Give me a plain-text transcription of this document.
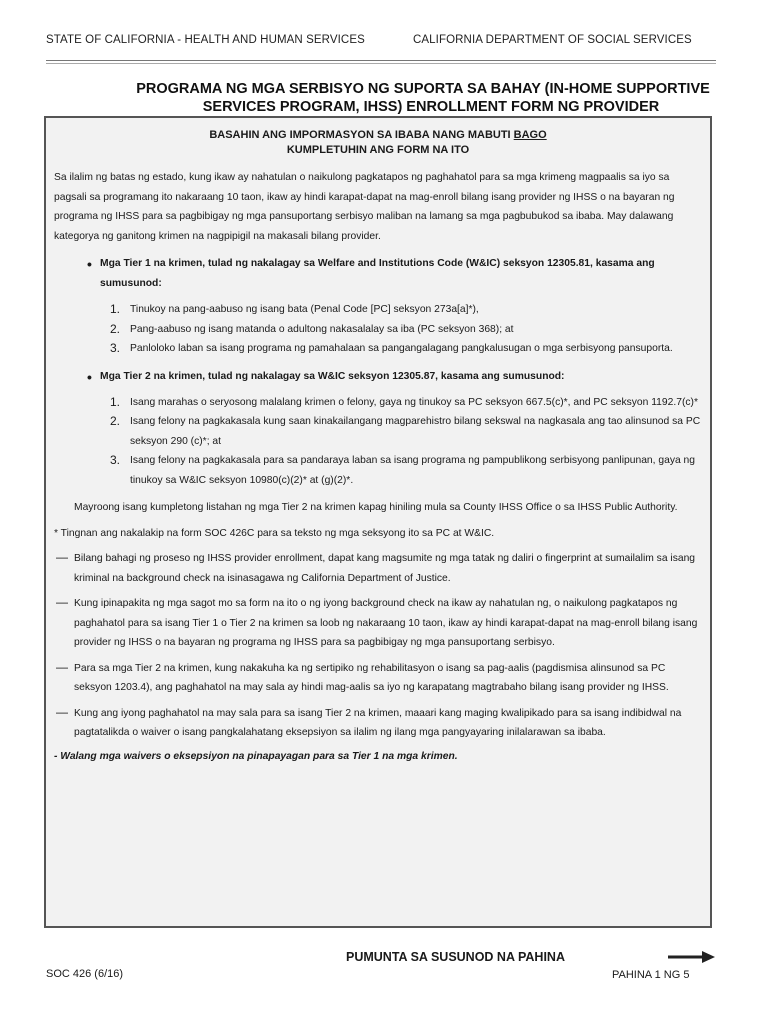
STATE OF CALIFORNIA - HEALTH AND HUMAN SERVICES	CALIFORNIA DEPARTMENT OF SOCIAL SERVICES
PROGRAMA NG MGA SERBISYO NG SUPORTA SA BAHAY (IN-HOME SUPPORTIVE
SERVICES PROGRAM, IHSS) ENROLLMENT FORM NG PROVIDER
BASAHIN ANG IMPORMASYON SA IBABA NANG MABUTI BAGO
KUMPLETUHIN ANG FORM NA ITO
Sa ilalim ng batas ng estado, kung ikaw ay nahatulan o naikulong pagkatapos ng paghahatol para sa mga krimeng magpaalis sa iyo sa pagsali sa programang ito nakaraang 10 taon, ikaw ay hindi karapat-dapat na mag-enroll bilang isang provider ng IHSS o na bayaran ng programa ng IHSS para sa pagbibigay ng mga pansuportang serbisyo maliban na lamang sa mga pagbubukod sa ibaba. May dalawang kategorya ng ganitong krimen na nagpipigil na makasali bilang provider.
• Mga Tier 1 na krimen, tulad ng nakalagay sa Welfare and Institutions Code (W&IC) seksyon 12305.81, kasama ang sumusunod:
1. Tinukoy na pang-aabuso ng isang bata (Penal Code [PC] seksyon 273a[a]*),
2. Pang-aabuso ng isang matanda o adultong nakasalalay sa iba (PC seksyon 368); at
3. Panloloko laban sa isang programa ng pamahalaan sa pangangalagang pangkalusugan o mga serbisyong pansuporta.
• Mga Tier 2 na krimen, tulad ng nakalagay sa W&IC seksyon 12305.87, kasama ang sumusunod:
1. Isang marahas o seryosong malalang krimen o felony, gaya ng tinukoy sa PC seksyon 667.5(c)*, and PC seksyon 1192.7(c)*
2. Isang felony na pagkakasala kung saan kinakailangang magparehistro bilang sekswal na nagkasala ang tao alinsunod sa PC seksyon 290 (c)*; at
3. Isang felony na pagkakasala para sa pandaraya laban sa isang programa ng pampublikong serbisyong panlipunan, gaya ng tinukoy sa W&IC seksyon 10980(c)(2)* at (g)(2)*.
Mayroong isang kumpletong listahan ng mga Tier 2 na krimen kapag hiniling mula sa County IHSS Office o sa IHSS Public Authority.
* Tingnan ang nakalakip na form SOC 426C para sa teksto ng mga seksyong ito sa PC at W&IC.
— Bilang bahagi ng proseso ng IHSS provider enrollment, dapat kang magsumite ng mga tatak ng daliri o fingerprint at sumailalim sa isang kriminal na background check na isinasagawa ng California Department of Justice.
— Kung ipinapakita ng mga sagot mo sa form na ito o ng iyong background check na ikaw ay nahatulan ng, o naikulong pagkatapos ng paghahatol para sa isang Tier 1 o Tier 2 na krimen sa loob ng nakaraang 10 taon, ikaw ay hindi karapat-dapat na mag-enroll bilang isang provider ng IHSS o na bayaran ng programa ng IHSS para sa pagbibigay ng mga pansuportang serbisyo.
— Para sa mga Tier 2 na krimen, kung nakakuha ka ng sertipiko ng rehabilitasyon o isang sa pag-aalis (pagdismisa alinsunod sa PC seksyon 1203.4), ang paghahatol na may sala ay hindi mag-aalis sa iyo ng karapatang magtrabaho bilang isang provider ng IHSS.
— Kung ang iyong paghahatol na may sala para sa isang Tier 2 na krimen, maaari kang maging kwalipikado para sa isang indibidwal na pagtatalikda o waiver o isang pangkalahatang eksepsiyon sa ilalim ng ilang mga pangyayaring inilalarawan sa ibaba.
- Walang mga waivers o eksepsiyon na pinapayagan para sa Tier 1 na mga krimen.
PUMUNTA SA SUSUNOD NA PAHINA
SOC 426 (6/16)	PAHINA 1 NG 5
